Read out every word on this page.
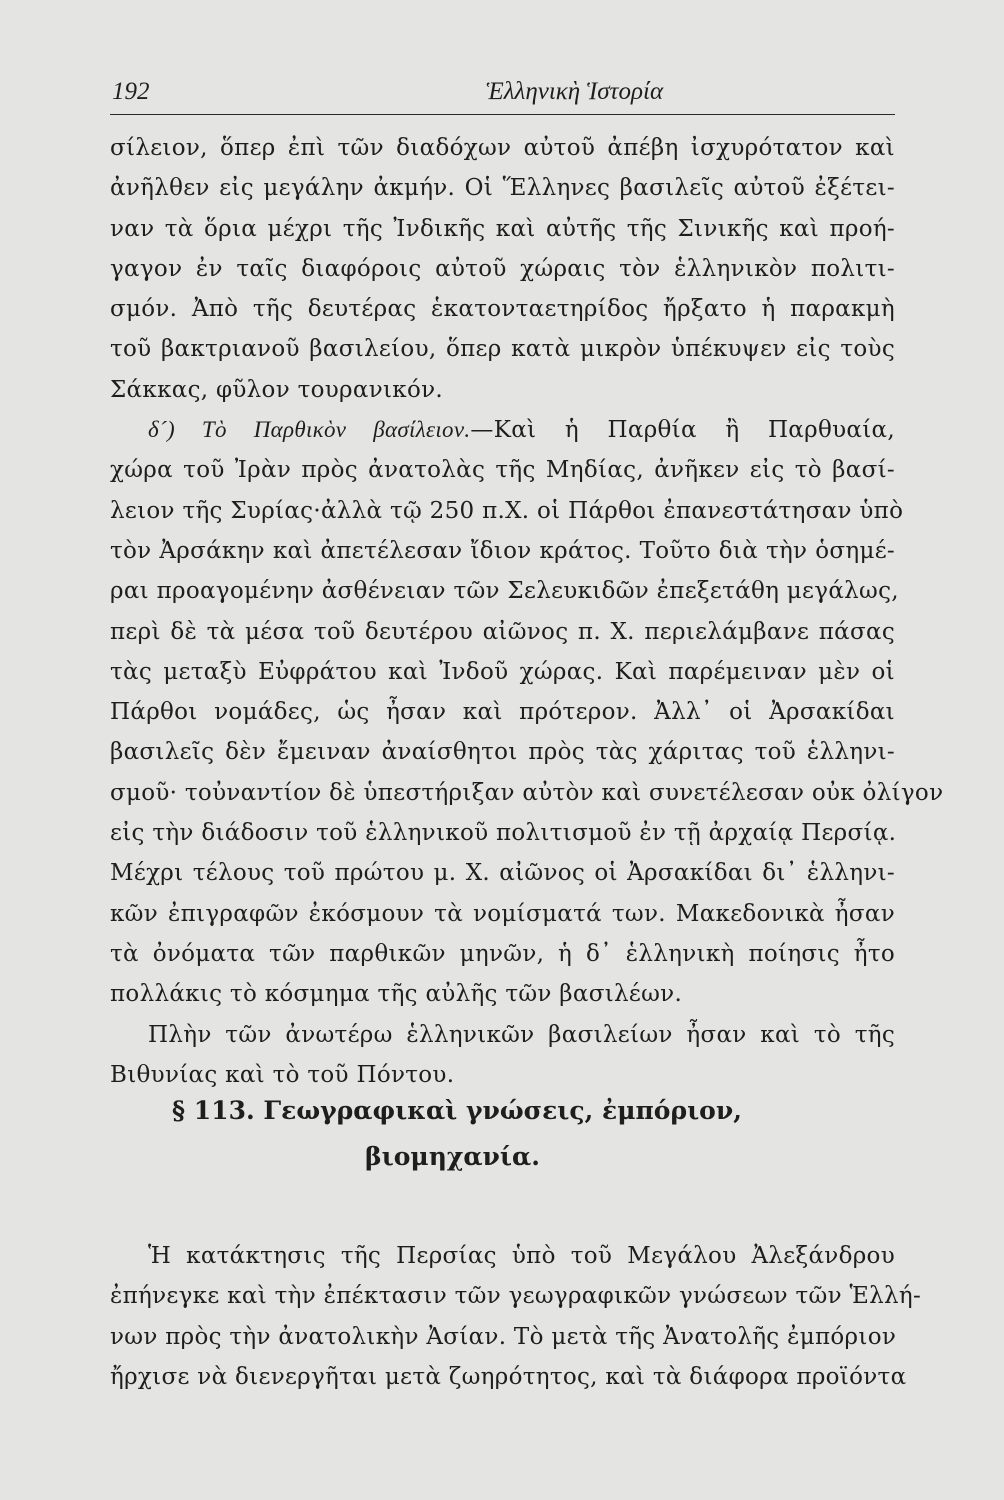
192	Ἑλληνικὴ Ἱστορία
σίλειον, ὅπερ ἐπὶ τῶν διαδόχων αὐτοῦ ἀπέβη ἰσχυρότατον καὶ
ἀνῆλθεν εἰς μεγάλην ἀκμήν. Οἱ Ἕλληνες βασιλεῖς αὐτοῦ ἐξέτει-
ναν τὰ ὅρια μέχρι τῆς Ἰνδικῆς καὶ αὐτῆς τῆς Σινικῆς καὶ προή-
γαγον ἐν ταῖς διαφόροις αὐτοῦ χώραις τὸν ἑλληνικὸν πολιτι-
σμόν. Ἀπὸ τῆς δευτέρας ἑκατονταετηρίδος ἤρξατο ἡ παρακμὴ
τοῦ βακτριανοῦ βασιλείου, ὅπερ κατὰ μικρὸν ὑπέκυψεν εἰς τοὺς
Σάκκας, φῦλον τουρανικόν.
δ´) Τὸ Παρθικὸν βασίλειον.—Καὶ ἡ Παρθία ἢ Παρθυαία,
χώρα τοῦ Ἰρὰν πρὸς ἀνατολὰς τῆς Μηδίας, ἀνῆκεν εἰς τὸ βασί-
λειον τῆς Συρίας·ἀλλὰ τῷ 250 π.Χ. οἱ Πάρθοι ἐπανεστάτησαν ὑπὸ
τὸν Ἀρσάκην καὶ ἀπετέλεσαν ἴδιον κράτος. Τοῦτο διὰ τὴν ὁσημέ-
ραι προαγομένην ἀσθένειαν τῶν Σελευκιδῶν ἐπεξετάθη μεγάλως,
περὶ δὲ τὰ μέσα τοῦ δευτέρου αἰῶνος π. Χ. περιελάμβανε πάσας
τὰς μεταξὺ Εὐφράτου καὶ Ἰνδοῦ χώρας. Καὶ παρέμειναν μὲν οἱ
Πάρθοι νομάδες, ὡς ἦσαν καὶ πρότερον. Ἀλλ᾽ οἱ Ἀρσακίδαι
βασιλεῖς δὲν ἔμειναν ἀναίσθητοι πρὸς τὰς χάριτας τοῦ ἑλληνι-
σμοῦ· τοὐναντίον δὲ ὑπεστήριξαν αὐτὸν καὶ συνετέλεσαν οὐκ ὀλίγον
εἰς τὴν διάδοσιν τοῦ ἑλληνικοῦ πολιτισμοῦ ἐν τῇ ἀρχαίᾳ Περσίᾳ.
Μέχρι τέλους τοῦ πρώτου μ. Χ. αἰῶνος οἱ Ἀρσακίδαι δι᾽ ἑλληνι-
κῶν ἐπιγραφῶν ἐκόσμουν τὰ νομίσματά των. Μακεδονικὰ ἦσαν
τὰ ὀνόματα τῶν παρθικῶν μηνῶν, ἡ δ᾽ ἑλληνικὴ ποίησις ἦτο
πολλάκις τὸ κόσμημα τῆς αὐλῆς τῶν βασιλέων.
Πλὴν τῶν ἀνωτέρω ἑλληνικῶν βασιλείων ἦσαν καὶ τὸ τῆς
Βιθυνίας καὶ τὸ τοῦ Πόντου.
§ 113. Γεωγραφικαὶ γνώσεις, ἐμπόριον,
βιομηχανία.
Ἡ κατάκτησις τῆς Περσίας ὑπὸ τοῦ Μεγάλου Ἀλεξάνδρου
ἐπήνεγκε καὶ τὴν ἐπέκτασιν τῶν γεωγραφικῶν γνώσεων τῶν Ἑλλή-
νων πρὸς τὴν ἀνατολικὴν Ἀσίαν. Τὸ μετὰ τῆς Ἀνατολῆς ἐμπόριον
ἤρχισε νὰ διενεργῆται μετὰ ζωηρότητος, καὶ τὰ διάφορα προϊόντα
